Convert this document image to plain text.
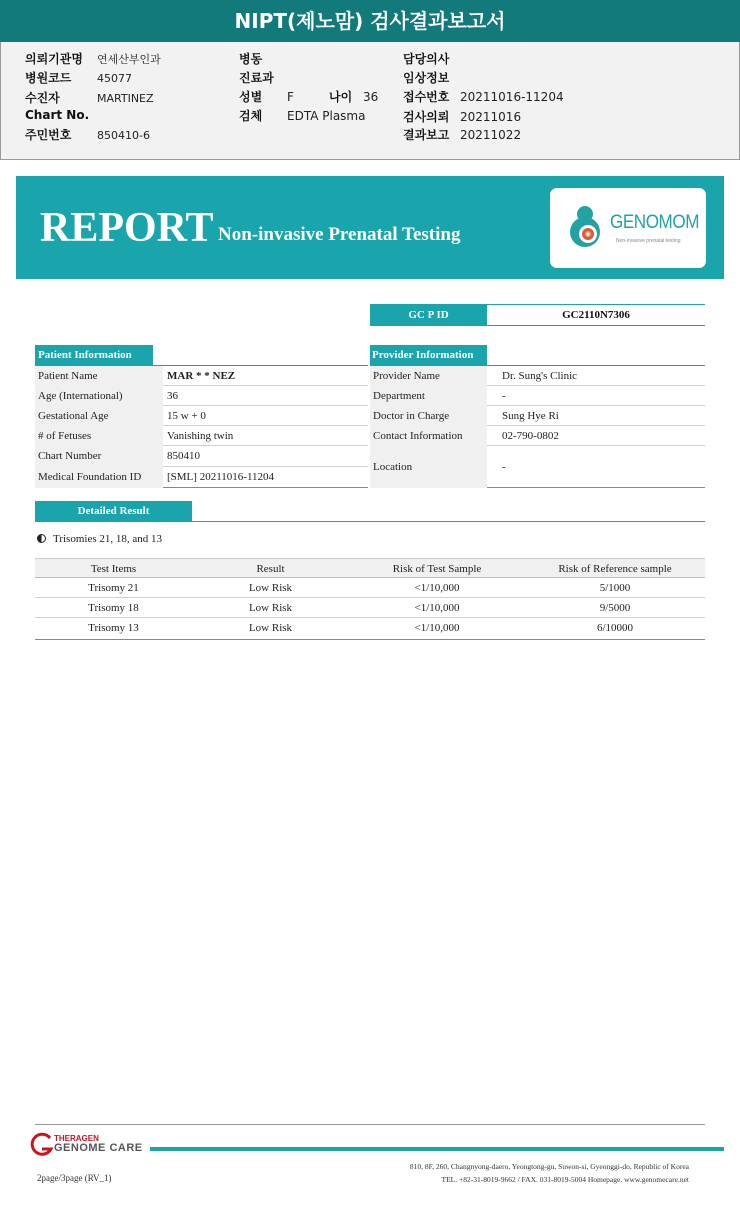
NIPT(제노맘) 검사결과보고서
의뢰기관명 연세산부인과
병원코드 45077
수진자	MARTINEZ
Chart No.
주민번호 850410-6
병동
진료과
성별 F	나이 36
검체 EDTA Plasma
담당의사
임상정보
접수번호 20211016-11204
검사의뢰 20211016
결과보고 20211022
REPORT Non-invasive Prenatal Testing
GENOMOM
Non-invasive prenatal testing
GC P ID	GC2110N7306
Patient Information
Patient Name	MAR * * NEZ
Age (International)	36
Gestational Age	15 w + 0
# of Fetuses	Vanishing twin
Chart Number	850410
Medical Foundation ID	[SML] 20211016-11204
Provider Information
Provider Name	Dr. Sung's Clinic
Department	-
Doctor in Charge	Sung Hye Ri
Contact Information	02-790-0802
Location	-
Detailed Result
Trisomies 21, 18, and 13
Test Items	Result	Risk of Test Sample	Risk of Reference sample
Trisomy 21	Low Risk	<1/10,000	5/1000
Trisomy 18	Low Risk	<1/10,000	9/5000
Trisomy 13	Low Risk	<1/10,000	6/10000
THERAGEN
GENOME CARE
2page/3page (RV_1)
810, 8F, 260, Changnyong-daero, Yeongtong-gu, Suwon-si, Gyeonggi-do, Republic of Korea
TEL. +82-31-8019-9662 / FAX. 031-8019-5004 Homepage. www.genomecare.net
